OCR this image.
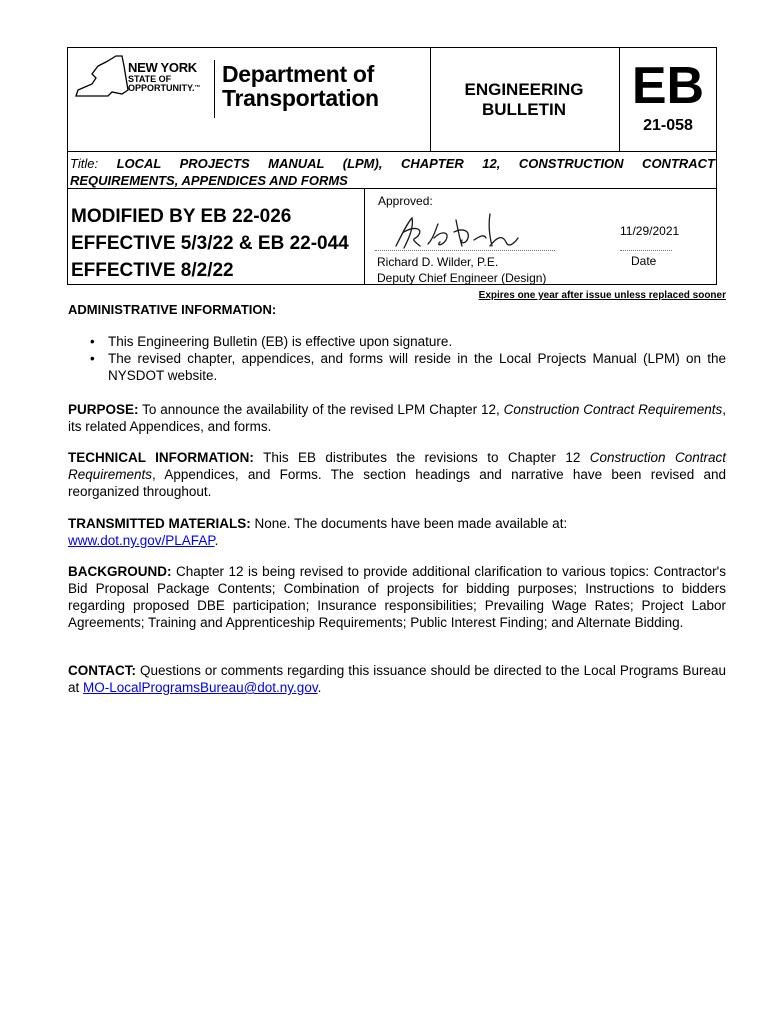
NEW YORK
STATE OF OPPORTUNITY.™
Department of Transportation	ENGINEERING BULLETIN	EB
21-058
Title: LOCAL PROJECTS MANUAL (LPM), CHAPTER 12, CONSTRUCTION CONTRACT
REQUIREMENTS, APPENDICES AND FORMS
MODIFIED BY EB 22-026 EFFECTIVE 5/3/22 & EB 22-044 EFFECTIVE 8/2/22
Approved:
11/29/2021
Richard D. Wilder, P.E.
Deputy Chief Engineer (Design)
Date
Expires one year after issue unless replaced sooner
ADMINISTRATIVE INFORMATION:
• This Engineering Bulletin (EB) is effective upon signature.
• The revised chapter, appendices, and forms will reside in the Local Projects Manual (LPM) on the NYSDOT website.
PURPOSE: To announce the availability of the revised LPM Chapter 12, Construction Contract Requirements, its related Appendices, and forms.
TECHNICAL INFORMATION: This EB distributes the revisions to Chapter 12 Construction Contract Requirements, Appendices, and Forms. The section headings and narrative have been revised and reorganized throughout.
TRANSMITTED MATERIALS: None. The documents have been made available at:
www.dot.ny.gov/PLAFAP.
BACKGROUND: Chapter 12 is being revised to provide additional clarification to various topics: Contractor's Bid Proposal Package Contents; Combination of projects for bidding purposes; Instructions to bidders regarding proposed DBE participation; Insurance responsibilities; Prevailing Wage Rates; Project Labor Agreements; Training and Apprenticeship Requirements; Public Interest Finding; and Alternate Bidding.
CONTACT: Questions or comments regarding this issuance should be directed to the Local Programs Bureau at MO-LocalProgramsBureau@dot.ny.gov.
